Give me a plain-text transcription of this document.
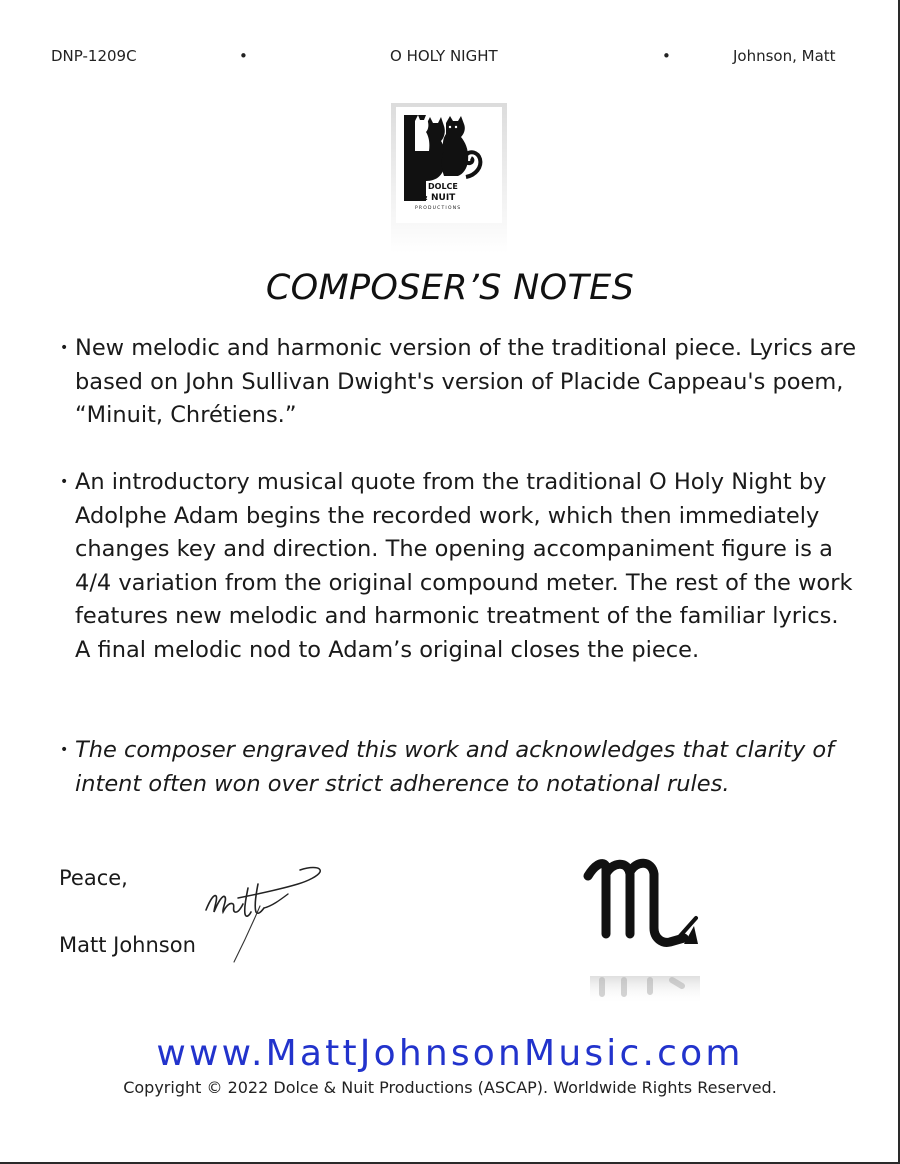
DNP-1209C	•	O HOLY NIGHT	•	Johnson, Matt
DOLCE
& NUIT
PRODUCTIONS
COMPOSER’S NOTES
• New melodic and harmonic version of the traditional piece. Lyrics are based on John Sullivan Dwight's version of Placide Cappeau's poem, “Minuit, Chrétiens.”
• An introductory musical quote from the traditional O Holy Night by Adolphe Adam begins the recorded work, which then immediately changes key and direction. The opening accompaniment figure is a 4/4 variation from the original compound meter. The rest of the work features new melodic and harmonic treatment of the familiar lyrics. A final melodic nod to Adam’s original closes the piece.
• The composer engraved this work and acknowledges that clarity of intent often won over strict adherence to notational rules.
Peace,
Matt Johnson
www.MattJohnsonMusic.com
Copyright © 2022 Dolce & Nuit Productions (ASCAP). Worldwide Rights Reserved.
